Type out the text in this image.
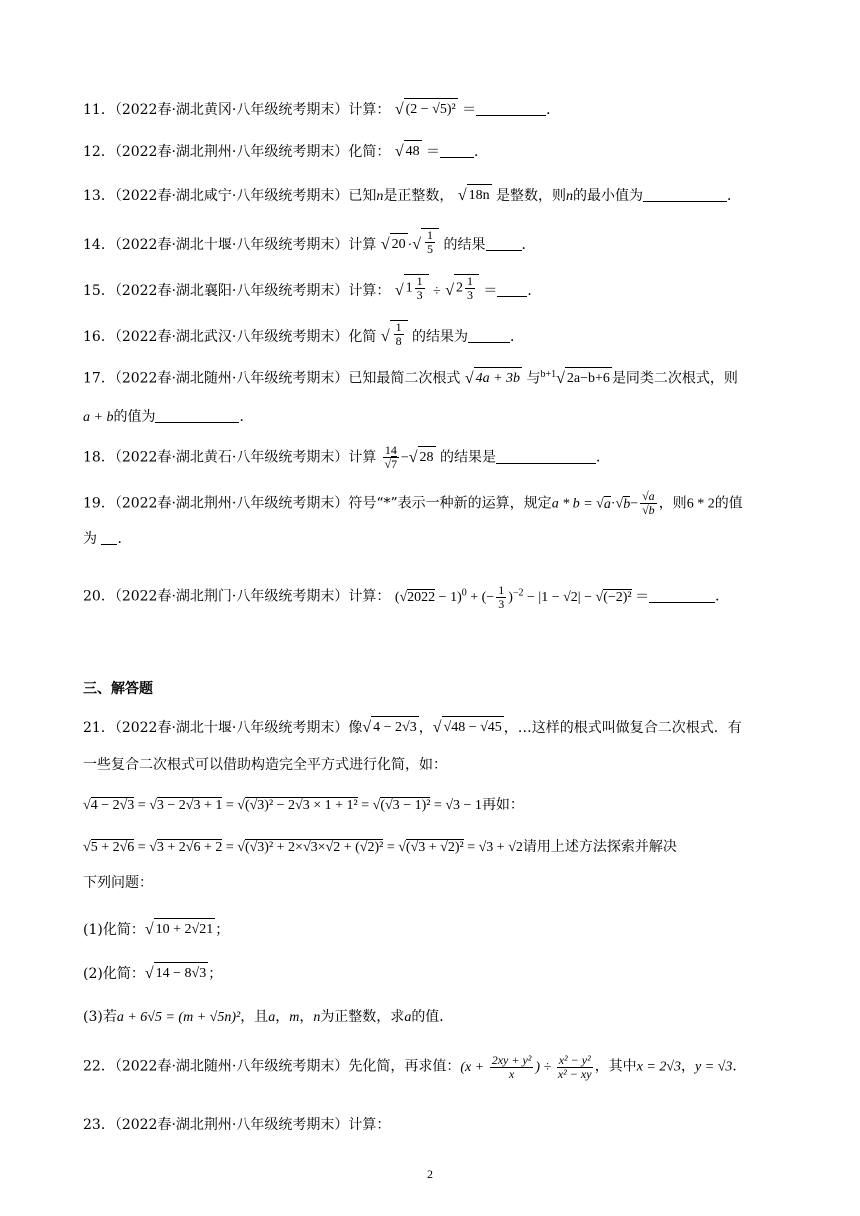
11．（2022春·湖北黄冈·八年级统考期末）计算： √ (2 − √5)² ＝	．
12．（2022春·湖北荆州·八年级统考期末）化简： √ 48 ＝ ．
13．（2022春·湖北咸宁·八年级统考期末）已知n是正整数， √ 18n 是整数，则n的最小值为	．
14．（2022春·湖北十堰·八年级统考期末）计算 √ 20 · √ $\frac{1}{5}$ 的结果	．
15．（2022春·湖北襄阳·八年级统考期末）计算： √ $1 \frac{1}{3}$ ÷ √ $2 \frac{1}{3}$ ＝ ．
16．（2022春·湖北武汉·八年级统考期末）化简 √ $\frac{1}{8}$ 的结果为	．
17．（2022春·湖北随州·八年级统考期末）已知最简二次根式 √ 4a + 3b 与$^{b+1}$ √ 2a−b+6 是同类二次根式，则
a + b的值为	．
18．（2022春·湖北黄石·八年级统考期末）计算 $\frac{14}{√7}$ − √ 28 的结果是	．
19．（2022春·湖北荆州·八年级统考期末）符号“*”表示一种新的运算，规定$a * b = √a\cdot√b- \frac{√a}{√b}$ ，则6 * 2的值
为 ．
20．（2022春·湖北荆门·八年级统考期末）计算： $(√2022 - 1)^0$ + (− $\frac{1}{3} )^{-2} - |1 - √2| - √(-2)^2$ ＝	．
三、解答题
21．（2022春·湖北十堰·八年级统考期末）像 √ 4 − 2√3 ， √ √48 − √45 ，…这样的根式叫做复合二次根式．有
一些复合二次根式可以借助构造完全平方式进行化简，如：
√4 − 2√3 = √3 − 2√3 + 1 = √(√3)² − 2√3 × 1 + 1² = √(√3 − 1)² = √3 − 1再如：
√5 + 2√6 = √3 + 2√6 + 2 = √(√3)² + 2×√3×√2 + (√2)² = √(√3 + √2)² = √3 + √2请用上述方法探索并解决
下列问题：
(1)化简： √ 10 + 2√21 ；
(2)化简： √ 14 − 8√3 ；
(3)若a + 6√5 = (m + √5n)²，且a，m，n为正整数，求a的值．
22．（2022春·湖北随州·八年级统考期末）先化简，再求值：($x + \frac{\text{2xy + y²}}{x}$ ) ÷ $\frac{\text{x² − y²}}{\text{x² − xy}}$ ，其中x = 2√3，y = √3．
23．（2022春·湖北荆州·八年级统考期末）计算：
2
